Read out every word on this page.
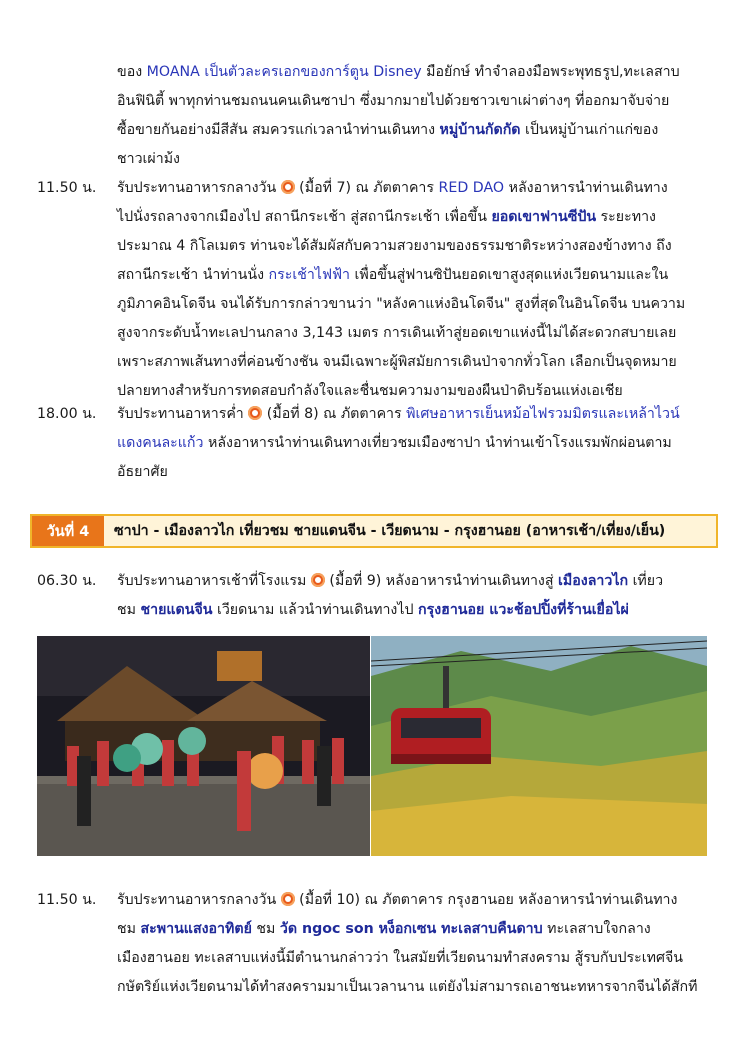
ของ MOANA เป็นตัวละครเอกของการ์ตูน Disney มือยักษ์ ทำจำลองมือพระพุทธรูป,ทะเลสาบ
อินฟินิตี้ พาทุกท่านชมถนนคนเดินซาปา ซึ่งมากมายไปด้วยชาวเขาเผ่าต่างๆ ที่ออกมาจับจ่าย
ซื้อขายกันอย่างมีสีสัน สมควรแก่เวลานำท่านเดินทาง หมู่บ้านกัดกัด เป็นหมู่บ้านเก่าแก่ของ
ชาวเผ่าม้ง
11.50 น. รับประทานอาหารกลางวัน  (มื้อที่ 7) ณ ภัตตาคาร RED DAO หลังอาหารนำท่านเดินทาง
ไปนั่งรถลางจากเมืองไป สถานีกระเช้า สู่สถานีกระเช้า เพื่อขึ้น ยอดเขาฟานซีปัน ระยะทาง
ประมาณ 4 กิโลเมตร ท่านจะได้สัมผัสกับความสวยงามของธรรมชาติระหว่างสองข้างทาง ถึง
สถานีกระเช้า นำท่านนั่ง กระเช้าไฟฟ้า เพื่อขึ้นสู่ฟานซิปันยอดเขาสูงสุดแห่งเวียดนามและใน
ภูมิภาคอินโดจีน จนได้รับการกล่าวขานว่า "หลังคาแห่งอินโดจีน" สูงที่สุดในอินโดจีน บนความ
สูงจากระดับน้ำทะเลปานกลาง 3,143 เมตร การเดินเท้าสู่ยอดเขาแห่งนี้ไม่ได้สะดวกสบายเลย
เพราะสภาพเส้นทางที่ค่อนข้างชัน จนมีเฉพาะผู้พิสมัยการเดินป่าจากทั่วโลก เลือกเป็นจุดหมาย
ปลายทางสำหรับการทดสอบกำลังใจและชื่นชมความงามของผืนป่าดิบร้อนแห่งเอเชีย
18.00 น. รับประทานอาหารค่ำ  (มื้อที่ 8) ณ ภัตตาคาร พิเศษอาหารเย็นหม้อไฟรวมมิตรและเหล้าไวน์
แดงคนละแก้ว หลังอาหารนำท่านเดินทางเที่ยวชมเมืองซาปา นำท่านเข้าโรงแรมพักผ่อนตาม
อัธยาศัย
วันที่ 4	ซาปา - เมืองลาวไก เที่ยวชม ชายแดนจีน - เวียดนาม - กรุงฮานอย (อาหารเช้า/เที่ยง/เย็น)
06.30 น. รับประทานอาหารเช้าที่โรงแรม  (มื้อที่ 9) หลังอาหารนำท่านเดินทางสู่ เมืองลาวไก เที่ยว
ชม ชายแดนจีน เวียดนาม แล้วนำท่านเดินทางไป กรุงฮานอย แวะช้อปปิ้งที่ร้านเยื่อไผ่
11.50 น. รับประทานอาหารกลางวัน  (มื้อที่ 10) ณ ภัตตาคาร กรุงฮานอย หลังอาหารนำท่านเดินทาง
ชม สะพานแสงอาทิตย์ ชม วัด ngoc son หง็อกเซน ทะเลสาบคืนดาบ ทะเลสาบใจกลาง
เมืองฮานอย ทะเลสาบแห่งนี้มีตำนานกล่าวว่า ในสมัยที่เวียดนามทำสงคราม สู้รบกับประเทศจีน
กษัตริย์แห่งเวียดนามได้ทำสงครามมาเป็นเวลานาน แต่ยังไม่สามารถเอาชนะทหารจากจีนได้สักที
